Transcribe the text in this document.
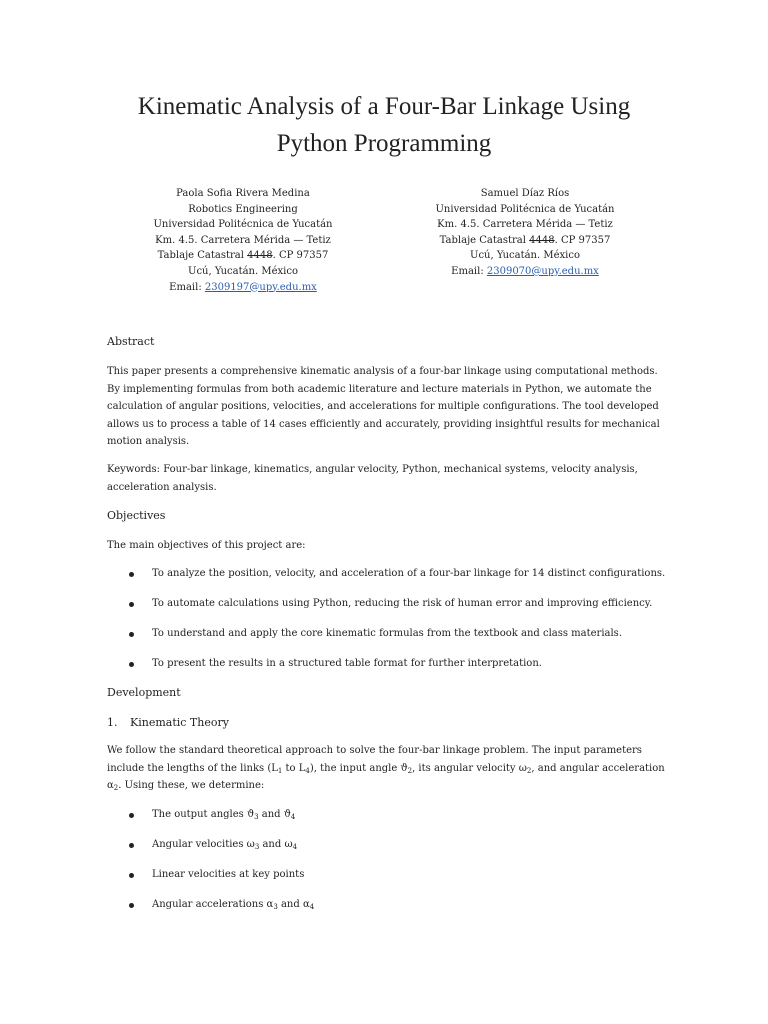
Kinematic Analysis of a Four-Bar Linkage Using
Python Programming
Paola Sofia Rivera Medina
Robotics Engineering
Universidad Politécnica de Yucatán
Km. 4.5. Carretera Mérida — Tetiz
Tablaje Catastral 4448. CP 97357
Ucú, Yucatán. México
Email: 2309197@upy.edu.mx
Samuel Díaz Ríos
Universidad Politécnica de Yucatán
Km. 4.5. Carretera Mérida — Tetiz
Tablaje Catastral 4448. CP 97357
Ucú, Yucatán. México
Email: 2309070@upy.edu.mx
Abstract
This paper presents a comprehensive kinematic analysis of a four-bar linkage using computational methods. By implementing formulas from both academic literature and lecture materials in Python, we automate the calculation of angular positions, velocities, and accelerations for multiple configurations. The tool developed allows us to process a table of 14 cases efficiently and accurately, providing insightful results for mechanical motion analysis.
Keywords: Four-bar linkage, kinematics, angular velocity, Python, mechanical systems, velocity analysis, acceleration analysis.
Objectives
The main objectives of this project are:
To analyze the position, velocity, and acceleration of a four-bar linkage for 14 distinct configurations.
To automate calculations using Python, reducing the risk of human error and improving efficiency.
To understand and apply the core kinematic formulas from the textbook and class materials.
To present the results in a structured table format for further interpretation.
Development
1. Kinematic Theory
We follow the standard theoretical approach to solve the four-bar linkage problem. The input parameters include the lengths of the links ($L_1$ to $L_4$), the input angle $ϑ_2$, its angular velocity $\omega_2$, and angular acceleration $\alpha_2$. Using these, we determine:
The output angles $ϑ_3$ and $ϑ_4$
Angular velocities $\omega_3$ and $\omega_4$
Linear velocities at key points
Angular accelerations $\alpha_3$ and $\alpha_4$
